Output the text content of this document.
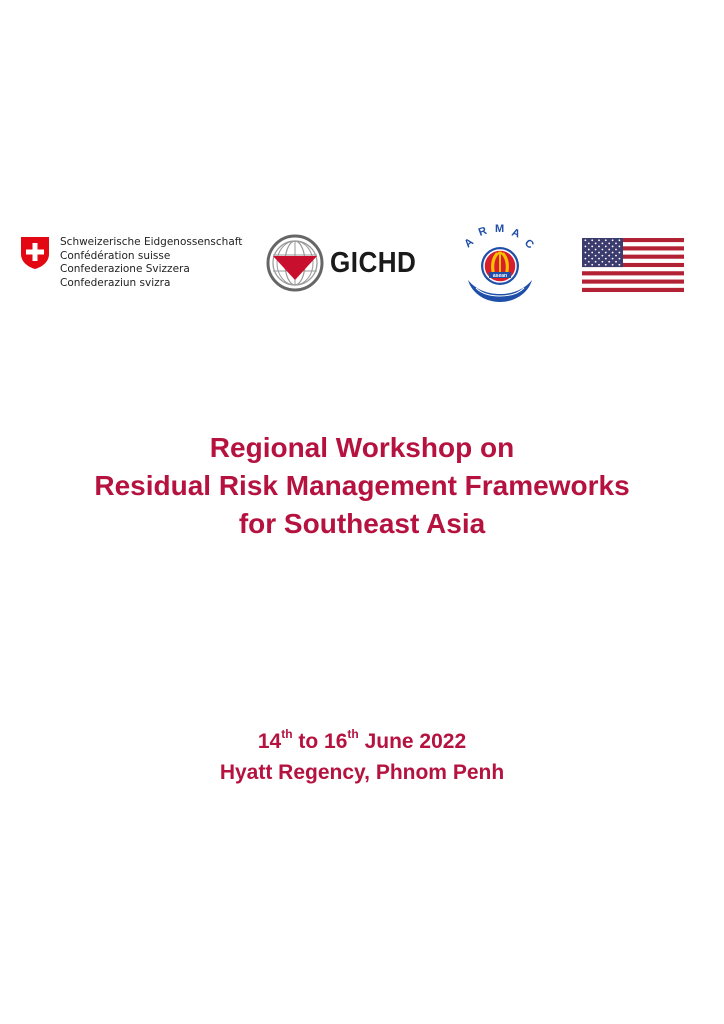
Schweizerische Eidgenossenschaft
Confédération suisse
Confederazione Svizzera
Confederaziun svizra
GICHD
A
R M A
C
asean
Regional Workshop on
Residual Risk Management Frameworks
for Southeast Asia
14th to 16th June 2022
Hyatt Regency, Phnom Penh
